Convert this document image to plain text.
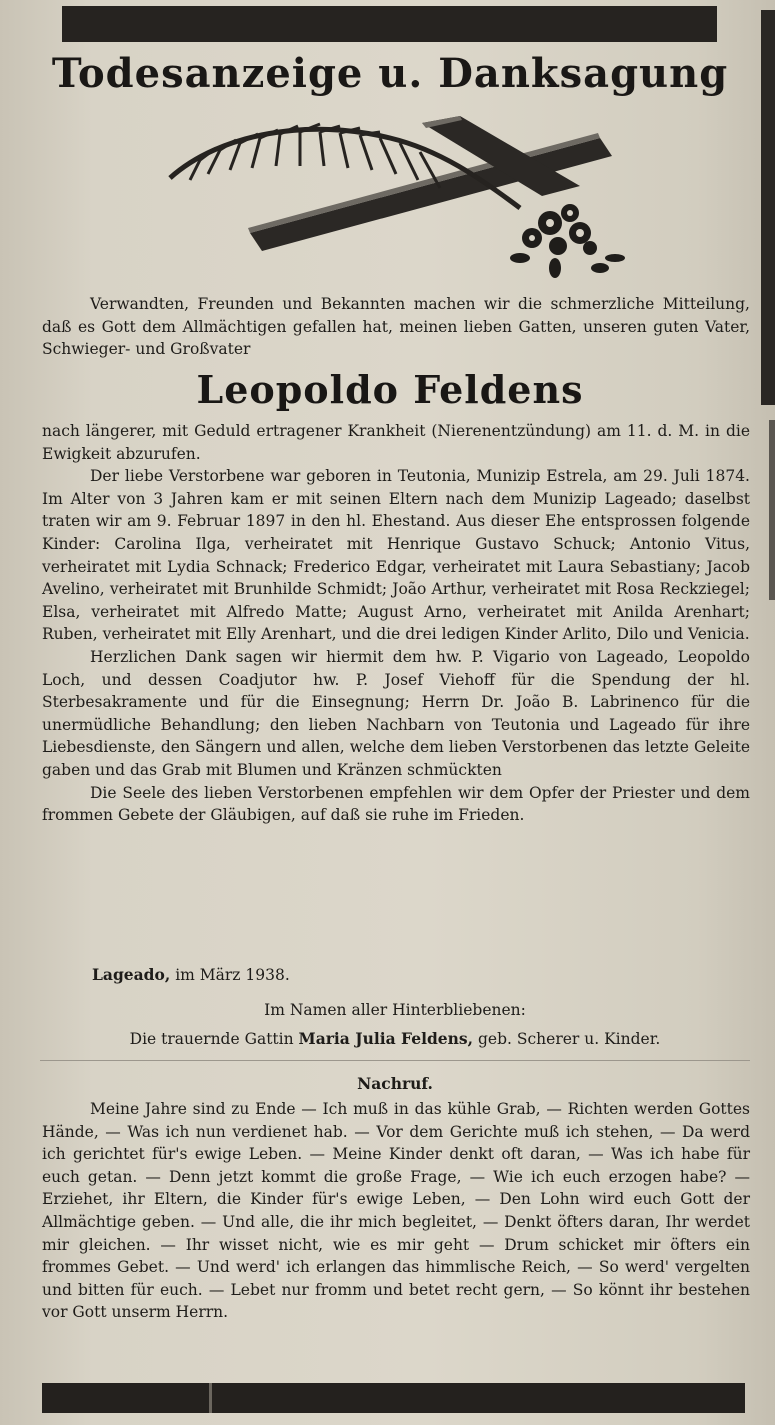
Todesanzeige u. Danksagung

Verwandten, Freunden und Bekannten machen wir die schmerzliche Mitteilung, daß es Gott dem Allmächtigen gefallen hat, meinen lieben Gatten, unseren guten Vater, Schwieger- und Großvater

Leopoldo Feldens

nach längerer, mit Geduld ertragener Krankheit (Nierenentzündung) am 11. d. M. in die Ewigkeit abzurufen.

Der liebe Verstorbene war geboren in Teutonia, Munizip Estrela, am 29. Juli 1874. Im Alter von 3 Jahren kam er mit seinen Eltern nach dem Munizip Lageado; daselbst traten wir am 9. Februar 1897 in den hl. Ehestand. Aus dieser Ehe entsprossen folgende Kinder: Carolina Ilga, verheiratet mit Henrique Gustavo Schuck; Antonio Vitus, verheiratet mit Lydia Schnack; Frederico Edgar, verheiratet mit Laura Sebastiany; Jacob Avelino, verheiratet mit Brunhilde Schmidt; João Arthur, verheiratet mit Rosa Reckziegel; Elsa, verheiratet mit Alfredo Matte; August Arno, verheiratet mit Anilda Arenhart; Ruben, verheiratet mit Elly Arenhart, und die drei ledigen Kinder Arlito, Dilo und Venicia.

Herzlichen Dank sagen wir hiermit dem hw. P. Vigario von Lageado, Leopoldo Loch, und dessen Coadjutor hw. P. Josef Viehoff für die Spendung der hl. Sterbesakramente und für die Einsegnung; Herrn Dr. João B. Labrinenco für die unermüdliche Behandlung; den lieben Nachbarn von Teutonia und Lageado für ihre Liebesdienste, den Sängern und allen, welche dem lieben Verstorbenen das letzte Geleite gaben und das Grab mit Blumen und Kränzen schmückten

Die Seele des lieben Verstorbenen empfehlen wir dem Opfer der Priester und dem frommen Gebete der Gläubigen, auf daß sie ruhe im Frieden.

Lageado, im März 1938.
Im Namen aller Hinterbliebenen:
Die trauernde Gattin Maria Julia Feldens, geb. Scherer u. Kinder.
Nachruf.

Meine Jahre sind zu Ende — Ich muß in das kühle Grab, — Richten werden Gottes Hände, — Was ich nun verdienet hab. — Vor dem Gerichte muß ich stehen, — Da werd ich gerichtet für's ewige Leben. — Meine Kinder denkt oft daran, — Was ich habe für euch getan. — Denn jetzt kommt die große Frage, — Wie ich euch erzogen habe? — Erziehet, ihr Eltern, die Kinder für's ewige Leben, — Den Lohn wird euch Gott der Allmächtige geben. — Und alle, die ihr mich begleitet, — Denkt öfters daran, Ihr werdet mir gleichen. — Ihr wisset nicht, wie es mir geht — Drum schicket mir öfters ein frommes Gebet. — Und werd' ich erlangen das himmlische Reich, — So werd' vergelten und bitten für euch. — Lebet nur fromm und betet recht gern, — So könnt ihr bestehen vor Gott unserm Herrn.
